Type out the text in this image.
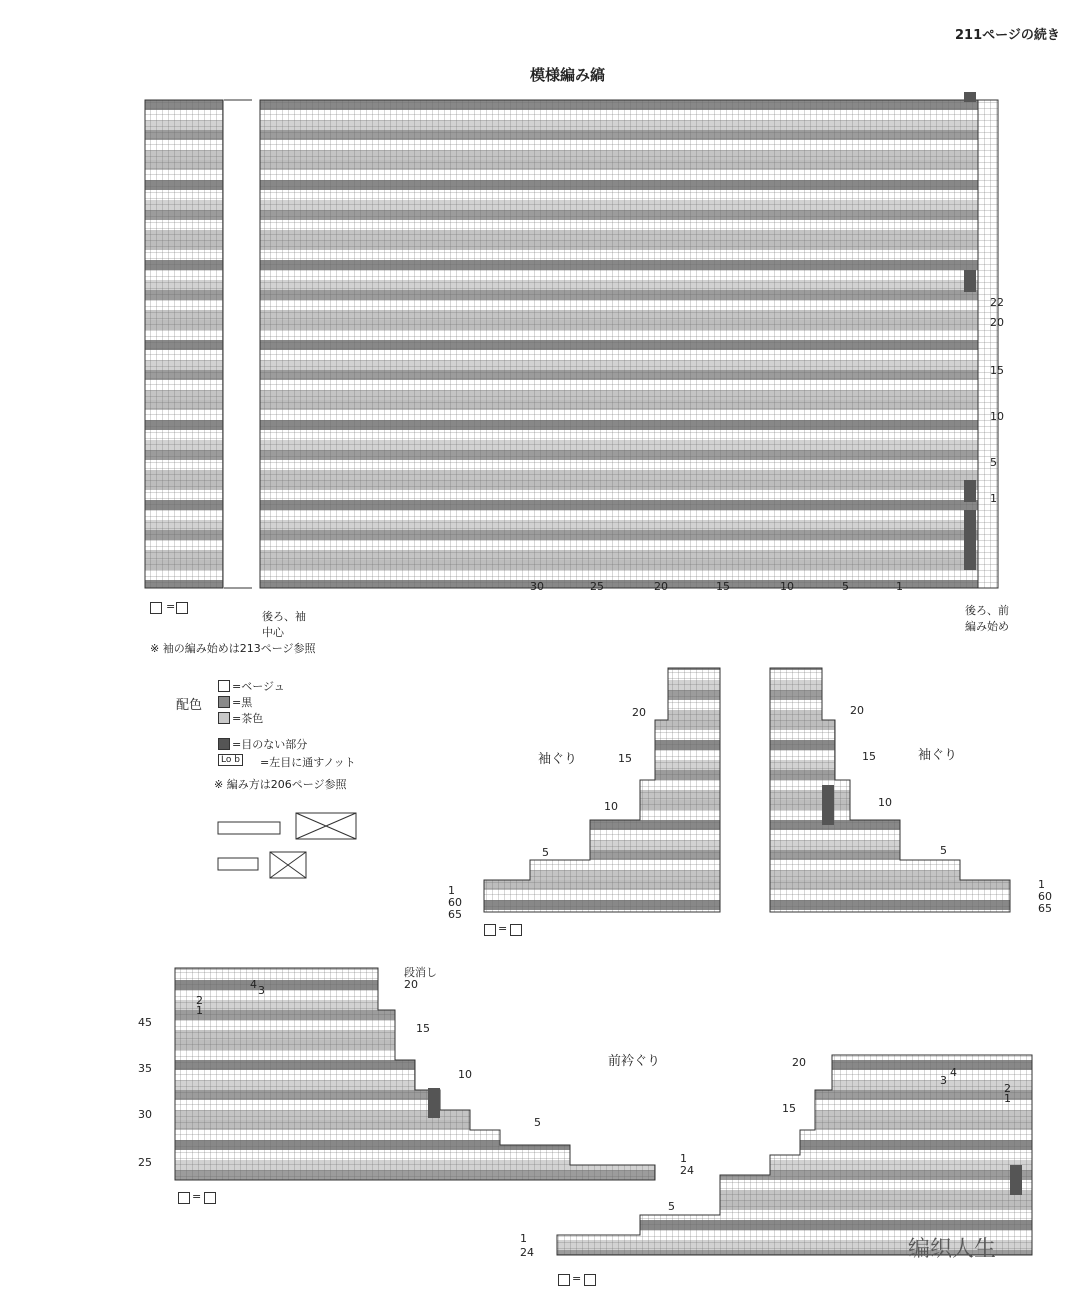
211ページの続き
模様編み縞
22
20
15
10
5
1
30	25	20	15	10	5	1
=
後ろ、袖
中心
後ろ、前
編み始め
※ 袖の編み始めは213ページ参照
配色
=ベージュ
=黒
=茶色
=目のない部分
Lo b =左目に通すノット
※ 編み方は206ページ参照
袖ぐり	袖ぐり
20
15
10
5
1
60
65
20
15
10
5
1
60
65
前衿ぐり
45
35
30
25
段消し
20
15
10
5
1
24
4 3
2
1
20
15
5
1
24
4
3
2
1
=
=
=
编织人生
